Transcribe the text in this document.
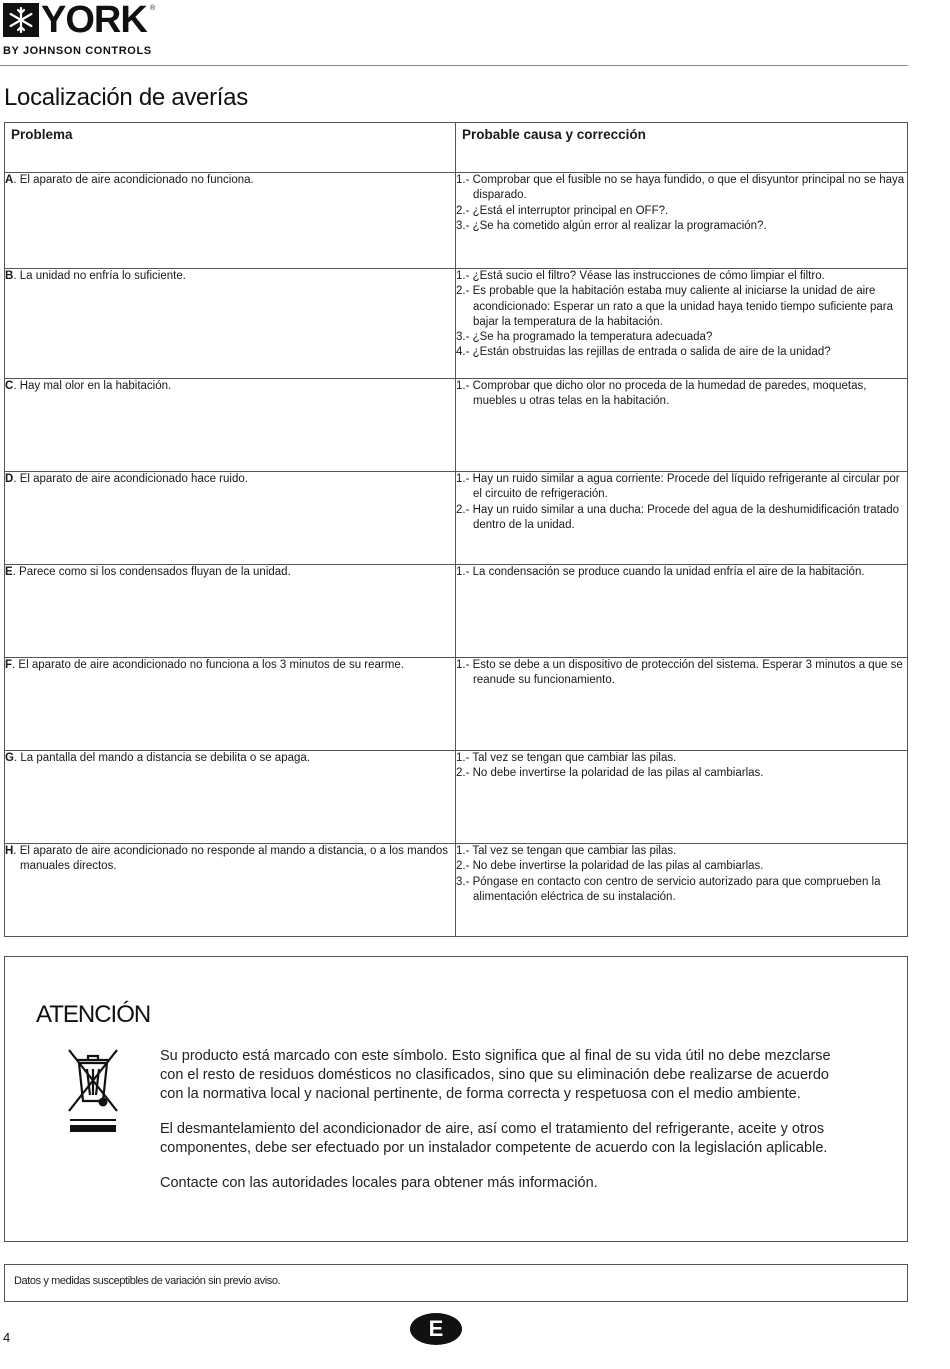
YORK ®
BY JOHNSON CONTROLS
Localización de averías
Problema	Probable causa y corrección

A. El aparato de aire acondicionado no funciona.	1.- Comprobar que el fusible no se haya fundido, o que el disyuntor principal no se haya disparado.
2.- ¿Está el interruptor principal en OFF?.
3.- ¿Se ha cometido algún error al realizar la programación?.

B. La unidad no enfría lo suficiente.	1.- ¿Está sucio el filtro? Véase las instrucciones de cómo limpiar el filtro.
2.- Es probable que la habitación estaba muy caliente al iniciarse la unidad de aire acondicionado: Esperar un rato a que la unidad haya tenido tiempo suficiente para bajar la temperatura de la habitación.
3.- ¿Se ha programado la temperatura adecuada?
4.- ¿Están obstruidas las rejillas de entrada o salida de aire de la unidad?

C. Hay mal olor en la habitación.	1.- Comprobar que dicho olor no proceda de la humedad de paredes, moquetas, muebles u otras telas en la habitación.

D. El aparato de aire acondicionado hace ruido.	1.- Hay un ruido similar a agua corriente: Procede del líquido refrigerante al circular por el circuito de refrigeración.
2.- Hay un ruido similar a una ducha: Procede del agua de la deshumidificación tratado dentro de la unidad.

E. Parece como si los condensados fluyan de la unidad.	1.- La condensación se produce cuando la unidad enfría el aire de la habitación.

F. El aparato de aire acondicionado no funciona a los 3 minutos de su rearme.	1.- Esto se debe a un dispositivo de protección del sistema. Esperar 3 minutos a que se reanude su funcionamiento.

G. La pantalla del mando a distancia se debilita o se apaga.	1.- Tal vez se tengan que cambiar las pilas.
2.- No debe invertirse la polaridad de las pilas al cambiarlas.

H. El aparato de aire acondicionado no responde al mando a distancia, o a los mandos manuales directos.	1.- Tal vez se tengan que cambiar las pilas.
2.- No debe invertirse la polaridad de las pilas al cambiarlas.
3.- Póngase en contacto con centro de servicio autorizado para que comprueben la alimentación eléctrica de su instalación.
ATENCIÓN

Su producto está marcado con este símbolo. Esto significa que al final de su vida útil no debe mezclarse con el resto de residuos domésticos no clasificados, sino que su eliminación debe realizarse de acuerdo con la normativa local y nacional pertinente, de forma correcta y respetuosa con el medio ambiente.

El desmantelamiento del acondicionador de aire, así como el tratamiento del refrigerante, aceite y otros componentes, debe ser efectuado por un instalador competente de acuerdo con la legislación aplicable.

Contacte con las autoridades locales para obtener más información.

Datos y medidas susceptibles de variación sin previo aviso.
4	E
